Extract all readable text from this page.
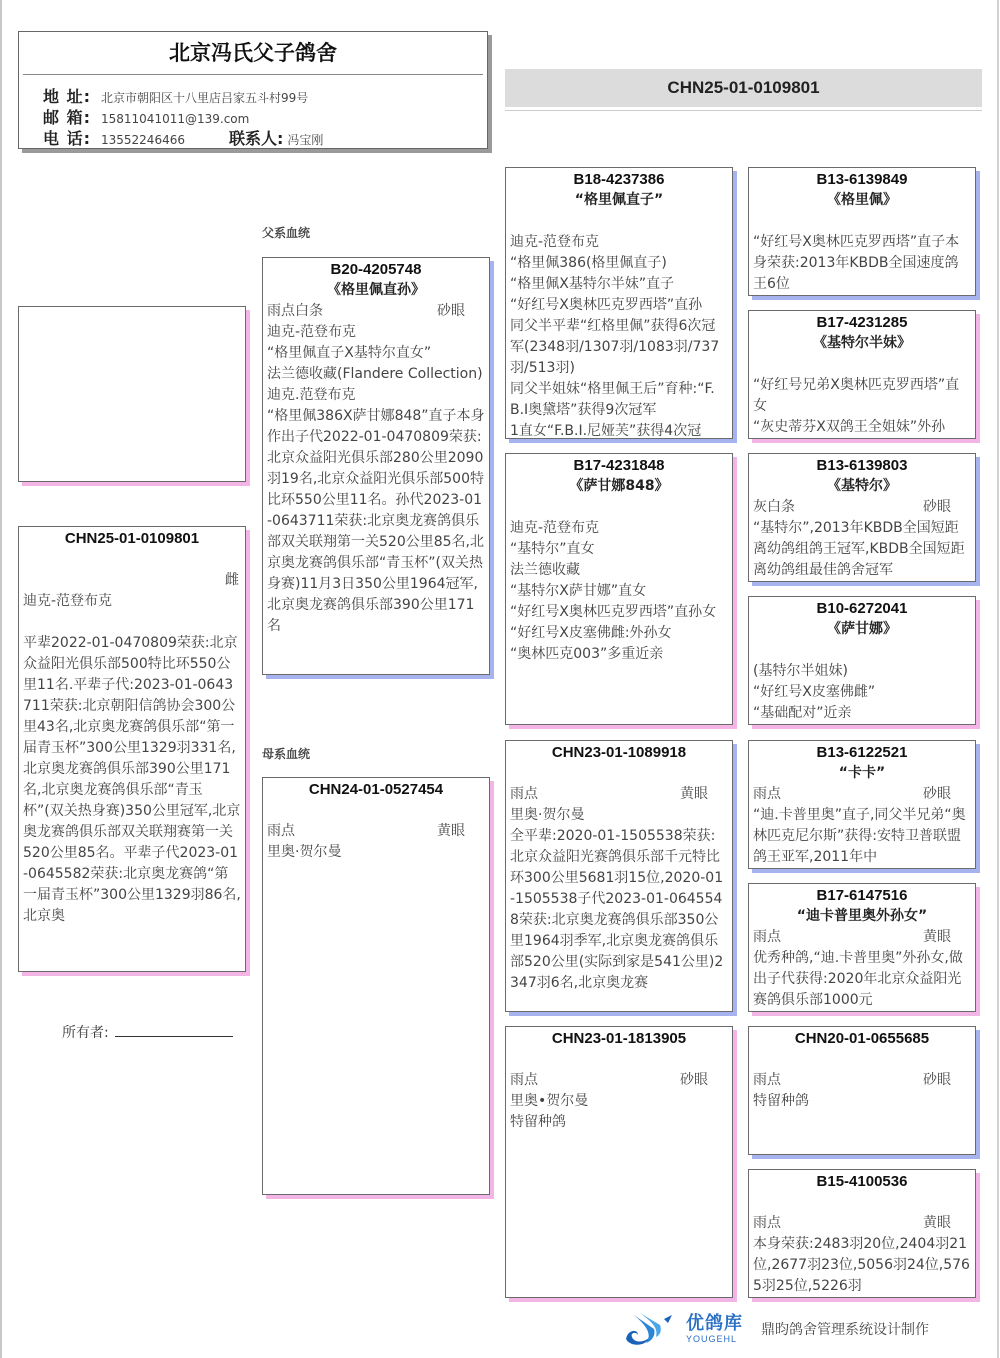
北京冯氏父子鸽舍
地 址: 北京市朝阳区十八里店吕家五斗村99号
邮 箱: 15811041011@139.com
电 话: 13552246466	联系人: 冯宝刚
CHN25-01-0109801
CHN25-01-0109801
雌
迪克-范登布克
平辈2022-01-0470809荣获:北京众益阳光俱乐部500特比环550公里11名.平辈子代:2023-01-0643711荣获:北京朝阳信鸽协会300公里43名,北京奥龙赛鸽俱乐部“第一届青玉杯”300公里1329羽331名,北京奥龙赛鸽俱乐部390公里171名,北京奥龙赛鸽俱乐部“青玉杯”(双关热身赛)350公里冠军,北京奥龙赛鸽俱乐部双关联翔赛第一关520公里85名。平辈子代2023-01-0645582荣获:北京奥龙赛鸽“第一届青玉杯”300公里1329羽86名,北京奥
所有者:
父系血统
B20-4205748
《格里佩直孙》
雨点白条	砂眼
迪克-范登布克
“格里佩直子X基特尔直女”
法兰德收藏(Flandere Collection)
迪克.范登布克
“格里佩386X萨甘娜848”直子本身作出子代2022-01-0470809荣获:北京众益阳光俱乐部280公里2090羽19名,北京众益阳光俱乐部500特比环550公里11名。孙代2023-01-0643711荣获:北京奥龙赛鸽俱乐部双关联翔第一关520公里85名,北京奥龙赛鸽俱乐部“青玉杯”(双关热身赛)11月3日350公里1964冠军,北京奥龙赛鸽俱乐部390公里171名
母系血统
CHN24-01-0527454
雨点	黄眼
里奥·贺尔曼
B18-4237386
“格里佩直子”
迪克-范登布克
“格里佩386(格里佩直子)
“格里佩X基特尔半妹”直子
“好红号X奥林匹克罗西塔”直孙
同父半平辈“红格里佩”获得6次冠军(2348羽/1307羽/1083羽/737羽/513羽)
同父半姐妹“格里佩王后”育种:“F.B.I奥黛塔”获得9次冠军
1直女“F.B.I.尼娅芙”获得4次冠
B17-4231848
《萨甘娜848》
迪克-范登布克
“基特尔”直女
法兰德收藏
“基特尔X萨甘娜”直女
“好红号X奥林匹克罗西塔”直孙女
“好红号X皮塞佛雌:外孙女
“奥林匹克003”多重近亲
CHN23-01-1089918
雨点	黄眼
里奥·贺尔曼
全平辈:2020-01-1505538荣获:北京众益阳光赛鸽俱乐部千元特比环300公里5681羽15位,2020-01-1505538子代2023-01-0645548荣获:北京奥龙赛鸽俱乐部350公里1964羽季军,北京奥龙赛鸽俱乐部520公里(实际到家是541公里)2347羽6名,北京奥龙赛
CHN23-01-1813905
雨点	砂眼
里奥•贺尔曼
特留种鸽
B13-6139849
《格里佩》
“好红号X奥林匹克罗西塔”直子本身荣获:2013年KBDB全国速度鸽王6位
B17-4231285
《基特尔半妹》
“好红号兄弟X奥林匹克罗西塔”直女
“灰史蒂芬X双鸽王全姐妹”外孙
B13-6139803
《基特尔》
灰白条	砂眼
“基特尔”,2013年KBDB全国短距离幼鸽组鸽王冠军,KBDB全国短距离幼鸽组最佳鸽舍冠军
B10-6272041
《萨甘娜》
(基特尔半姐妹)
“好红号X皮塞佛雌”
“基础配对”近亲
B13-6122521
“卡卡”
雨点	砂眼
“迪.卡普里奥”直子,同父半兄弟“奥林匹克尼尔斯”获得:安特卫普联盟鸽王亚军,2011年中
B17-6147516
“迪卡普里奥外孙女”
雨点	黄眼
优秀种鸽,“迪.卡普里奥”外孙女,做出子代获得:2020年北京众益阳光赛鸽俱乐部1000元
CHN20-01-0655685
雨点	砂眼
特留种鸽
B15-4100536
雨点	黄眼
本身荣获:2483羽20位,2404羽21位,2677羽23位,5056羽24位,5765羽25位,5226羽
优鸽库
YOUGEHL
鼎昀鸽舍管理系统设计制作
